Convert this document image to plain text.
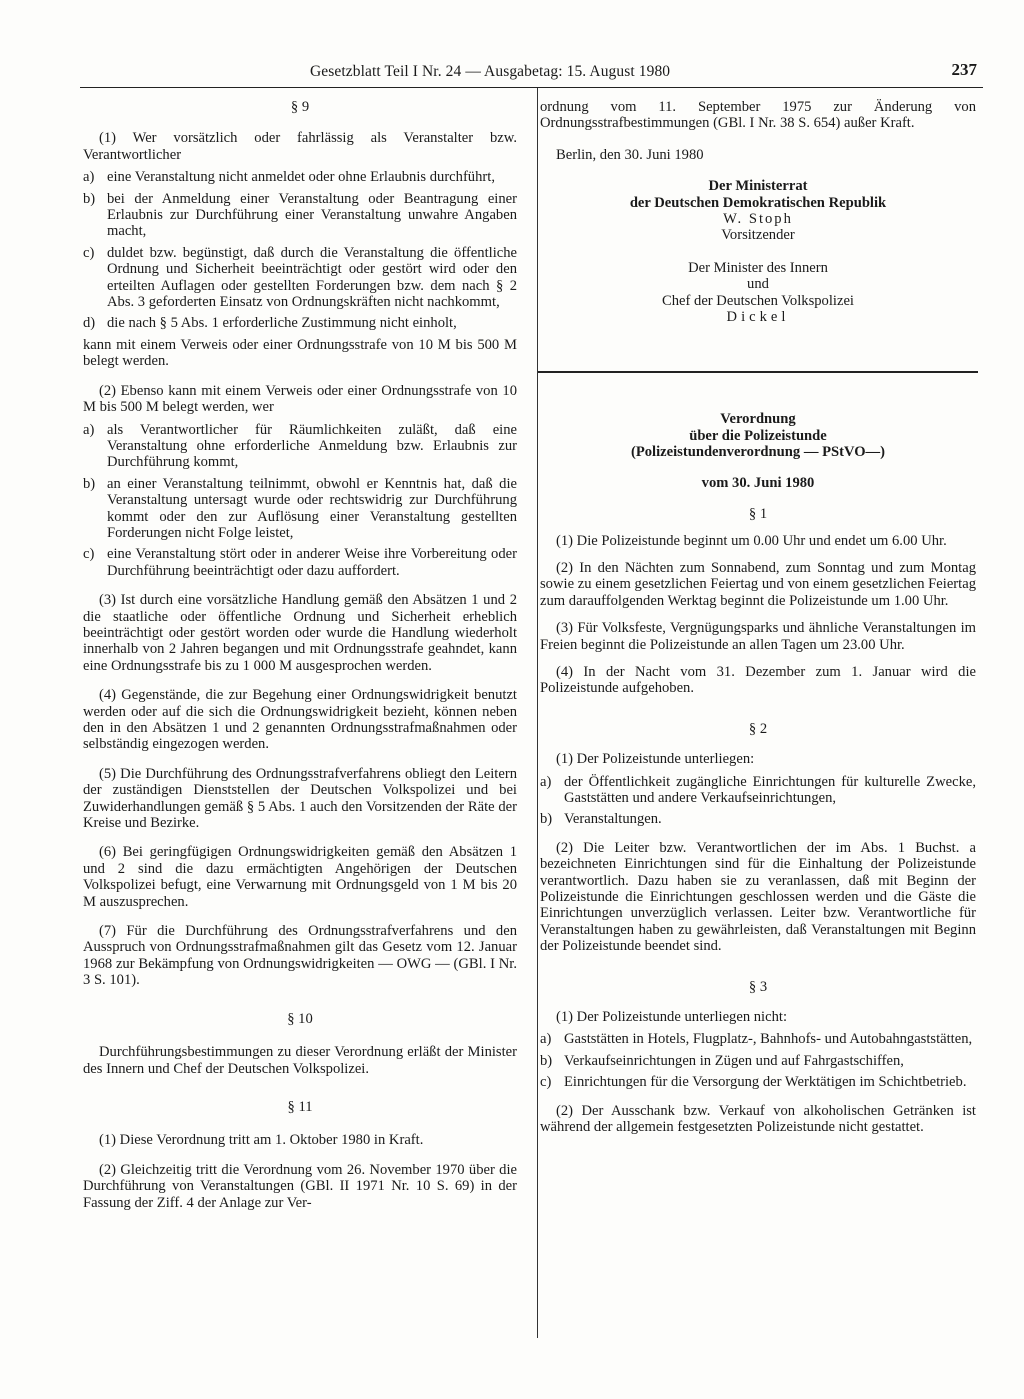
Gesetzblatt Teil I Nr. 24 — Ausgabetag: 15. August 1980	237

§ 9

(1) Wer vorsätzlich oder fahrlässig als Veranstalter bzw. Verantwortlicher

a) eine Veranstaltung nicht anmeldet oder ohne Erlaubnis durchführt,
b) bei der Anmeldung einer Veranstaltung oder Beantragung einer Erlaubnis zur Durchführung einer Veranstaltung unwahre Angaben macht,
c) duldet bzw. begünstigt, daß durch die Veranstaltung die öffentliche Ordnung und Sicherheit beeinträchtigt oder gestört wird oder den erteilten Auflagen oder gestellten Forderungen bzw. dem nach § 2 Abs. 3 geforderten Einsatz von Ordnungskräften nicht nachkommt,
d) die nach § 5 Abs. 1 erforderliche Zustimmung nicht einholt,

kann mit einem Verweis oder einer Ordnungsstrafe von 10 M bis 500 M belegt werden.

(2) Ebenso kann mit einem Verweis oder einer Ordnungsstrafe von 10 M bis 500 M belegt werden, wer

a) als Verantwortlicher für Räumlichkeiten zuläßt, daß eine Veranstaltung ohne erforderliche Anmeldung bzw. Erlaubnis zur Durchführung kommt,
b) an einer Veranstaltung teilnimmt, obwohl er Kenntnis hat, daß die Veranstaltung untersagt wurde oder rechtswidrig zur Durchführung kommt oder den zur Auflösung einer Veranstaltung gestellten Forderungen nicht Folge leistet,
c) eine Veranstaltung stört oder in anderer Weise ihre Vorbereitung oder Durchführung beeinträchtigt oder dazu auffordert.

(3) Ist durch eine vorsätzliche Handlung gemäß den Absätzen 1 und 2 die staatliche oder öffentliche Ordnung und Sicherheit erheblich beeinträchtigt oder gestört worden oder wurde die Handlung wiederholt innerhalb von 2 Jahren begangen und mit Ordnungsstrafe geahndet, kann eine Ordnungsstrafe bis zu 1 000 M ausgesprochen werden.

(4) Gegenstände, die zur Begehung einer Ordnungswidrigkeit benutzt werden oder auf die sich die Ordnungswidrigkeit bezieht, können neben den in den Absätzen 1 und 2 genannten Ordnungsstrafmaßnahmen oder selbständig eingezogen werden.

(5) Die Durchführung des Ordnungsstrafverfahrens obliegt den Leitern der zuständigen Dienststellen der Deutschen Volkspolizei und bei Zuwiderhandlungen gemäß § 5 Abs. 1 auch den Vorsitzenden der Räte der Kreise und Bezirke.

(6) Bei geringfügigen Ordnungswidrigkeiten gemäß den Absätzen 1 und 2 sind die dazu ermächtigten Angehörigen der Deutschen Volkspolizei befugt, eine Verwarnung mit Ordnungsgeld von 1 M bis 20 M auszusprechen.

(7) Für die Durchführung des Ordnungsstrafverfahrens und den Ausspruch von Ordnungsstrafmaßnahmen gilt das Gesetz vom 12. Januar 1968 zur Bekämpfung von Ordnungswidrigkeiten — OWG — (GBl. I Nr. 3 S. 101).

§ 10

Durchführungsbestimmungen zu dieser Verordnung erläßt der Minister des Innern und Chef der Deutschen Volkspolizei.

§ 11

(1) Diese Verordnung tritt am 1. Oktober 1980 in Kraft.

(2) Gleichzeitig tritt die Verordnung vom 26. November 1970 über die Durchführung von Veranstaltungen (GBl. II 1971 Nr. 10 S. 69) in der Fassung der Ziff. 4 der Anlage zur Ver-

ordnung vom 11. September 1975 zur Änderung von Ordnungsstrafbestimmungen (GBl. I Nr. 38 S. 654) außer Kraft.

Berlin, den 30. Juni 1980

Der Ministerrat

der Deutschen Demokratischen Republik

W. Stoph

Vorsitzender

Der Minister des Innern

und

Chef der Deutschen Volkspolizei

Dickel

Verordnung

über die Polizeistunde

(Polizeistundenverordnung — PStVO—)

vom 30. Juni 1980

§ 1

(1) Die Polizeistunde beginnt um 0.00 Uhr und endet um 6.00 Uhr.

(2) In den Nächten zum Sonnabend, zum Sonntag und zum Montag sowie zu einem gesetzlichen Feiertag und von einem gesetzlichen Feiertag zum darauffolgenden Werktag beginnt die Polizeistunde um 1.00 Uhr.

(3) Für Volksfeste, Vergnügungsparks und ähnliche Veranstaltungen im Freien beginnt die Polizeistunde an allen Tagen um 23.00 Uhr.

(4) In der Nacht vom 31. Dezember zum 1. Januar wird die Polizeistunde aufgehoben.

§ 2

(1) Der Polizeistunde unterliegen:

a) der Öffentlichkeit zugängliche Einrichtungen für kulturelle Zwecke, Gaststätten und andere Verkaufseinrichtungen,
b) Veranstaltungen.

(2) Die Leiter bzw. Verantwortlichen der im Abs. 1 Buchst. a bezeichneten Einrichtungen sind für die Einhaltung der Polizeistunde verantwortlich. Dazu haben sie zu veranlassen, daß mit Beginn der Polizeistunde die Einrichtungen geschlossen werden und die Gäste die Einrichtungen unverzüglich verlassen. Leiter bzw. Verantwortliche für Veranstaltungen haben zu gewährleisten, daß Veranstaltungen mit Beginn der Polizeistunde beendet sind.

§ 3

(1) Der Polizeistunde unterliegen nicht:

a) Gaststätten in Hotels, Flugplatz-, Bahnhofs- und Autobahngaststätten,
b) Verkaufseinrichtungen in Zügen und auf Fahrgastschiffen,
c) Einrichtungen für die Versorgung der Werktätigen im Schichtbetrieb.

(2) Der Ausschank bzw. Verkauf von alkoholischen Getränken ist während der allgemein festgesetzten Polizeistunde nicht gestattet.
